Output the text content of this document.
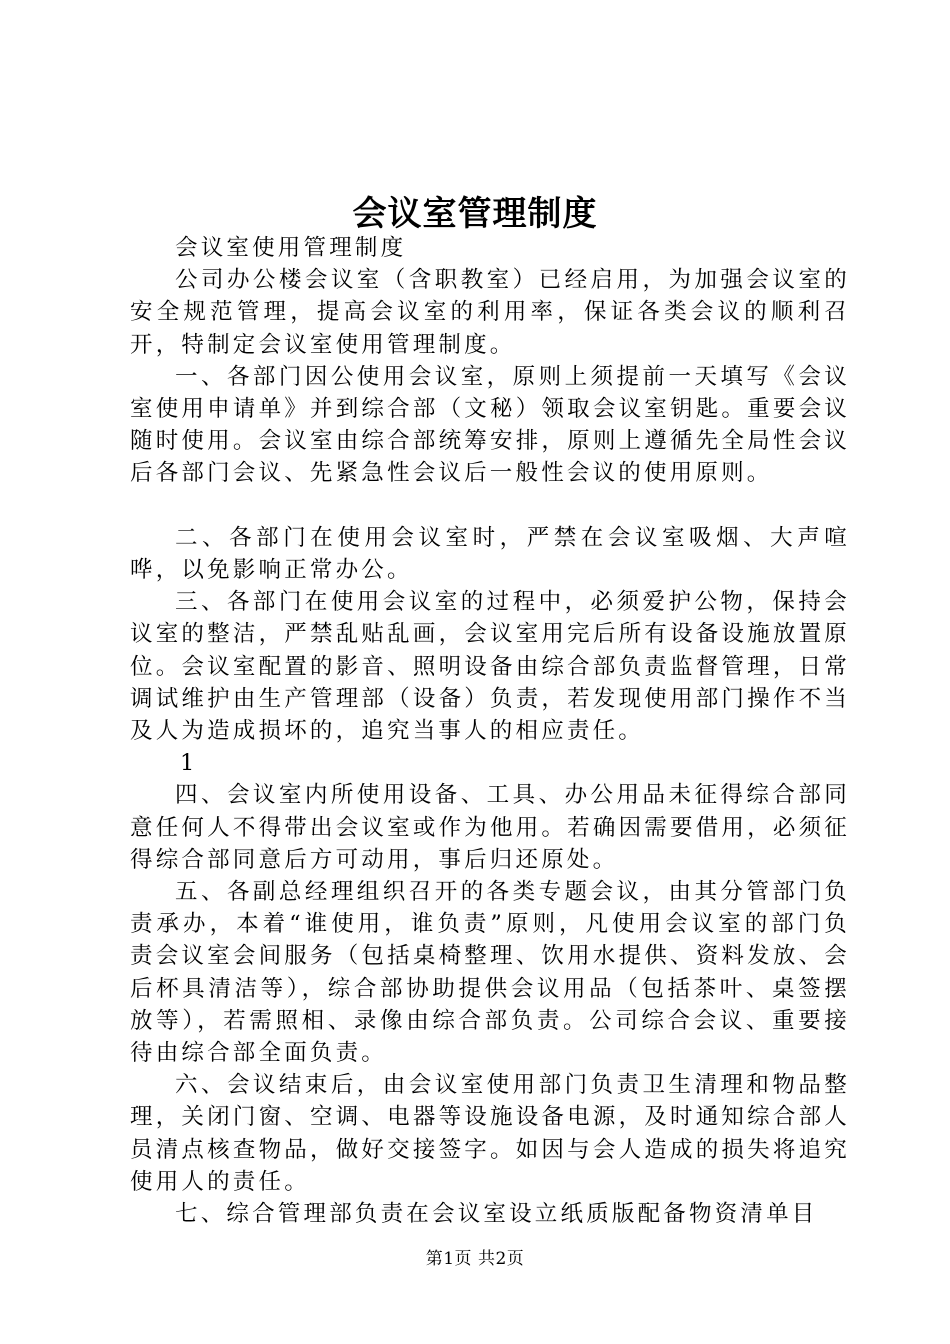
会议室管理制度

会议室使用管理制度

公司办公楼会议室（含职教室）已经启用，为加强会议室的安全规范管理，提高会议室的利用率，保证各类会议的顺利召开，特制定会议室使用管理制度。

一、各部门因公使用会议室，原则上须提前一天填写《会议室使用申请单》并到综合部（文秘）领取会议室钥匙。重要会议随时使用。会议室由综合部统筹安排，原则上遵循先全局性会议后各部门会议、先紧急性会议后一般性会议的使用原则。

二、各部门在使用会议室时，严禁在会议室吸烟、大声喧哗，以免影响正常办公。

三、各部门在使用会议室的过程中，必须爱护公物，保持会议室的整洁，严禁乱贴乱画，会议室用完后所有设备设施放置原位。会议室配置的影音、照明设备由综合部负责监督管理，日常调试维护由生产管理部（设备）负责，若发现使用部门操作不当及人为造成损坏的，追究当事人的相应责任。

1

四、会议室内所使用设备、工具、办公用品未征得综合部同意任何人不得带出会议室或作为他用。若确因需要借用，必须征得综合部同意后方可动用，事后归还原处。

五、各副总经理组织召开的各类专题会议，由其分管部门负责承办，本着“谁使用，谁负责”原则，凡使用会议室的部门负责会议室会间服务（包括桌椅整理、饮用水提供、资料发放、会后杯具清洁等），综合部协助提供会议用品（包括茶叶、桌签摆放等），若需照相、录像由综合部负责。公司综合会议、重要接待由综合部全面负责。

六、会议结束后，由会议室使用部门负责卫生清理和物品整理，关闭门窗、空调、电器等设施设备电源，及时通知综合部人员清点核查物品，做好交接签字。如因与会人造成的损失将追究使用人的责任。

七、综合管理部负责在会议室设立纸质版配备物资清单目

第1页 共2页
